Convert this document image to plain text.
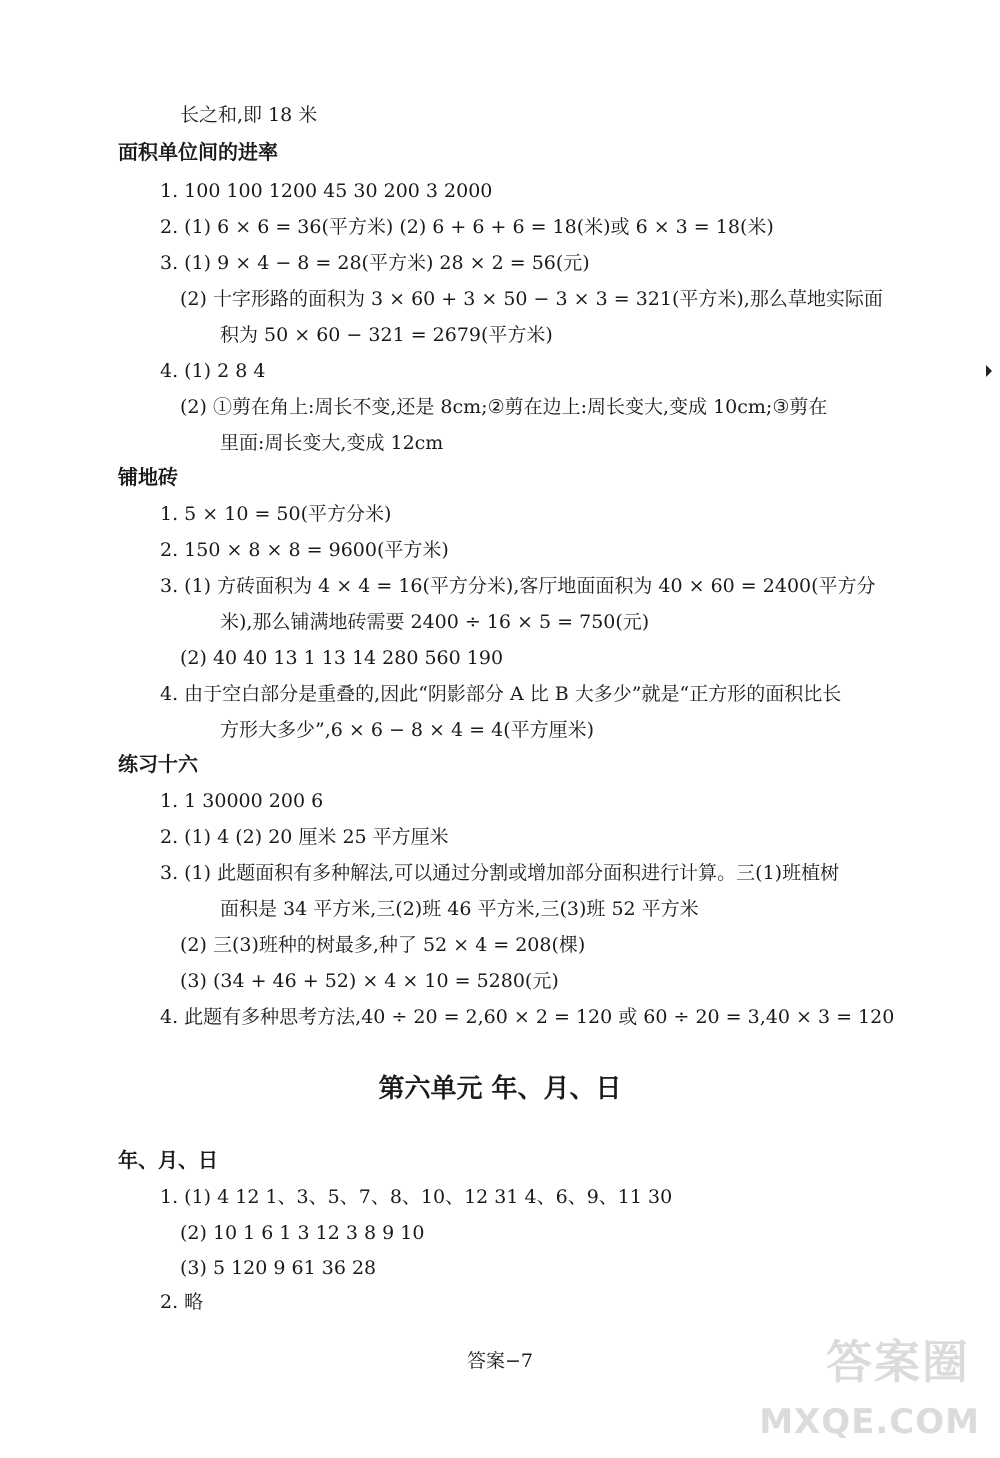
长之和,即 18 米
面积单位间的进率
1. 100 100 1200 45 30 200 3 2000
2. (1) 6 × 6 = 36(平方米) (2) 6 + 6 + 6 = 18(米)或 6 × 3 = 18(米)
3. (1) 9 × 4 − 8 = 28(平方米) 28 × 2 = 56(元)
(2) 十字形路的面积为 3 × 60 + 3 × 50 − 3 × 3 = 321(平方米),那么草地实际面
积为 50 × 60 − 321 = 2679(平方米)
4. (1) 2 8 4
(2) ①剪在角上:周长不变,还是 8cm;②剪在边上:周长变大,变成 10cm;③剪在
里面:周长变大,变成 12cm
铺地砖
1. 5 × 10 = 50(平方分米)
2. 150 × 8 × 8 = 9600(平方米)
3. (1) 方砖面积为 4 × 4 = 16(平方分米),客厅地面面积为 40 × 60 = 2400(平方分
米),那么铺满地砖需要 2400 ÷ 16 × 5 = 750(元)
(2) 40 40 13 1 13 14 280 560 190
4. 由于空白部分是重叠的,因此“阴影部分 A 比 B 大多少”就是“正方形的面积比长
方形大多少”,6 × 6 − 8 × 4 = 4(平方厘米)
练习十六
1. 1 30000 200 6
2. (1) 4 (2) 20 厘米 25 平方厘米
3. (1) 此题面积有多种解法,可以通过分割或增加部分面积进行计算。三(1)班植树
面积是 34 平方米,三(2)班 46 平方米,三(3)班 52 平方米
(2) 三(3)班种的树最多,种了 52 × 4 = 208(棵)
(3) (34 + 46 + 52) × 4 × 10 = 5280(元)
4. 此题有多种思考方法,40 ÷ 20 = 2,60 × 2 = 120 或 60 ÷ 20 = 3,40 × 3 = 120
第六单元 年、月、日
年、月、日
1. (1) 4 12 1、3、5、7、8、10、12 31 4、6、9、11 30
(2) 10 1 6 1 3 12 3 8 9 10
(3) 5 120 9 61 36 28
2. 略
答案−7	答案圈
MXQE.COM
